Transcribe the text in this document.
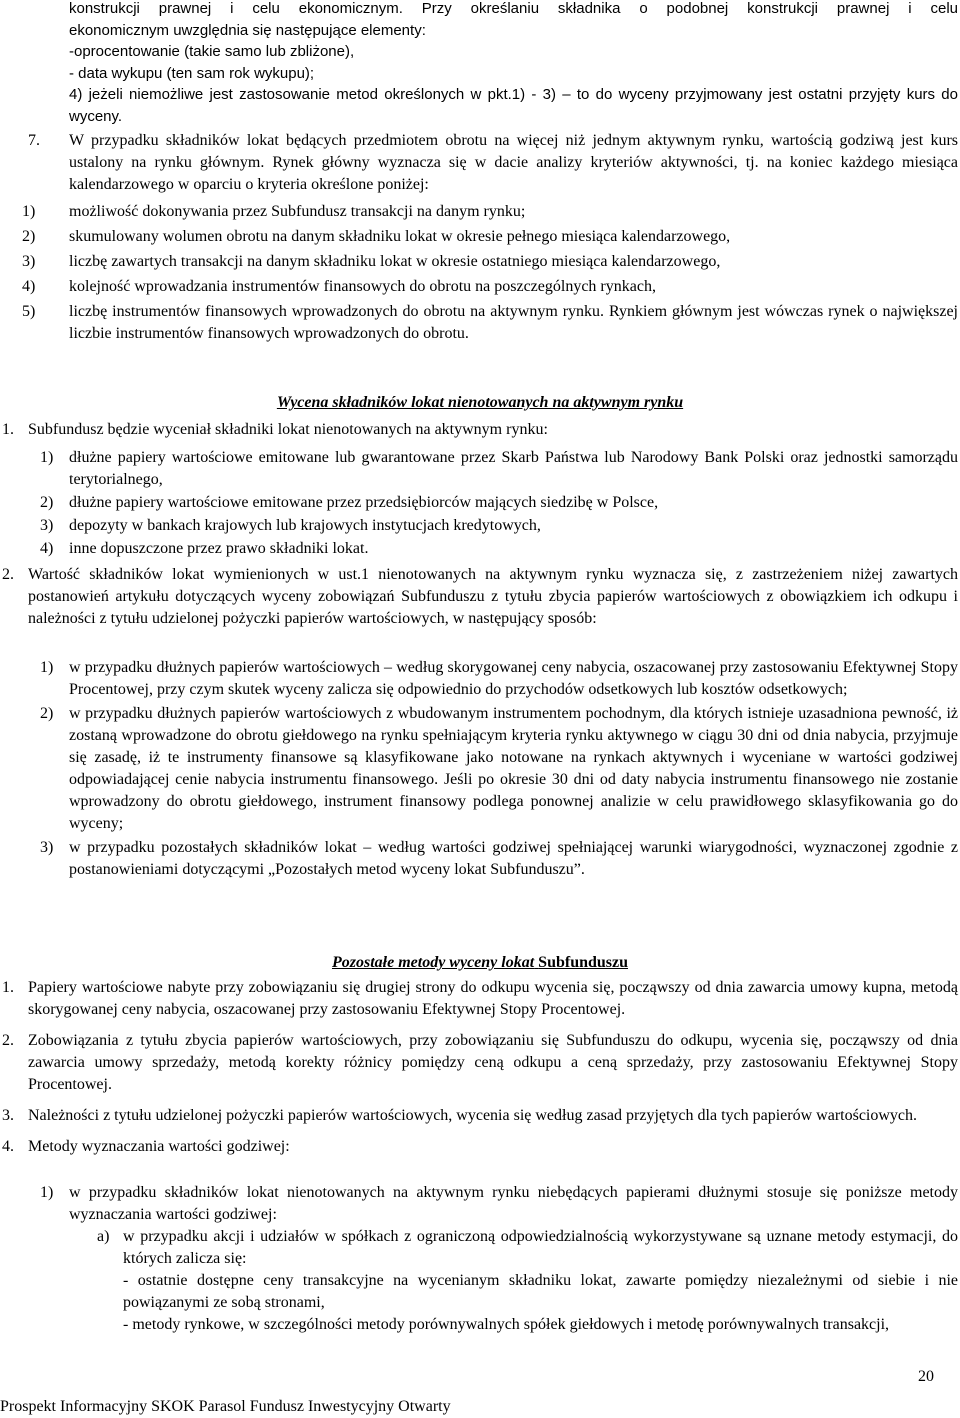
konstrukcji prawnej i celu ekonomicznym. Przy określaniu składnika o podobnej konstrukcji prawnej i celu
ekonomicznym uwzględnia się następujące elementy:
-oprocentowanie (takie samo lub zbliżone),
- data wykupu (ten sam rok wykupu);
4) jeżeli niemożliwe jest zastosowanie metod określonych w pkt.1) - 3) – to do wyceny przyjmowany jest ostatni przyjęty kurs do wyceny.
7.	W przypadku składników lokat będących przedmiotem obrotu na więcej niż jednym aktywnym rynku, wartością godziwą jest kurs ustalony na rynku głównym. Rynek główny wyznacza się w dacie analizy kryteriów aktywności, tj. na koniec każdego miesiąca kalendarzowego w oparciu o kryteria określone poniżej:
1)	możliwość dokonywania przez Subfundusz transakcji na danym rynku;
2)	skumulowany wolumen obrotu na danym składniku lokat w okresie pełnego miesiąca kalendarzowego,
3)	liczbę zawartych transakcji na danym składniku lokat w okresie ostatniego miesiąca kalendarzowego,
4)	kolejność wprowadzania instrumentów finansowych do obrotu na poszczególnych rynkach,
5)	liczbę instrumentów finansowych wprowadzonych do obrotu na aktywnym rynku. Rynkiem głównym jest wówczas rynek o największej liczbie instrumentów finansowych wprowadzonych do obrotu.
Wycena składników lokat nienotowanych na aktywnym rynku
1. Subfundusz będzie wyceniał składniki lokat nienotowanych na aktywnym rynku:
1) dłużne papiery wartościowe emitowane lub gwarantowane przez Skarb Państwa lub Narodowy Bank Polski oraz jednostki samorządu terytorialnego,
2) dłużne papiery wartościowe emitowane przez przedsiębiorców mających siedzibę w Polsce,
3) depozyty w bankach krajowych lub krajowych instytucjach kredytowych,
4) inne dopuszczone przez prawo składniki lokat.
2. Wartość składników lokat wymienionych w ust.1 nienotowanych na aktywnym rynku wyznacza się, z zastrzeżeniem niżej zawartych postanowień artykułu dotyczących wyceny zobowiązań Subfunduszu z tytułu zbycia papierów wartościowych z obowiązkiem ich odkupu i należności z tytułu udzielonej pożyczki papierów wartościowych, w następujący sposób:
1) w przypadku dłużnych papierów wartościowych – według skorygowanej ceny nabycia, oszacowanej przy zastosowaniu Efektywnej Stopy Procentowej, przy czym skutek wyceny zalicza się odpowiednio do przychodów odsetkowych lub kosztów odsetkowych;
2) w przypadku dłużnych papierów wartościowych z wbudowanym instrumentem pochodnym, dla których istnieje uzasadniona pewność, iż zostaną wprowadzone do obrotu giełdowego na rynku spełniającym kryteria rynku aktywnego w ciągu 30 dni od dnia nabycia, przyjmuje się zasadę, iż te instrumenty finansowe są klasyfikowane jako notowane na rynkach aktywnych i wyceniane w wartości godziwej odpowiadającej cenie nabycia instrumentu finansowego. Jeśli po okresie 30 dni od daty nabycia instrumentu finansowego nie zostanie wprowadzony do obrotu giełdowego, instrument finansowy podlega ponownej analizie w celu prawidłowego sklasyfikowania go do wyceny;
3) w przypadku pozostałych składników lokat – według wartości godziwej spełniającej warunki wiarygodności, wyznaczonej zgodnie z postanowieniami dotyczącymi „Pozostałych metod wyceny lokat Subfunduszu”.
Pozostałe metody wyceny lokat Subfunduszu
1. Papiery wartościowe nabyte przy zobowiązaniu się drugiej strony do odkupu wycenia się, począwszy od dnia zawarcia umowy kupna, metodą skorygowanej ceny nabycia, oszacowanej przy zastosowaniu Efektywnej Stopy Procentowej.
2. Zobowiązania z tytułu zbycia papierów wartościowych, przy zobowiązaniu się Subfunduszu do odkupu, wycenia się, począwszy od dnia zawarcia umowy sprzedaży, metodą korekty różnicy pomiędzy ceną odkupu a ceną sprzedaży, przy zastosowaniu Efektywnej Stopy Procentowej.
3. Należności z tytułu udzielonej pożyczki papierów wartościowych, wycenia się według zasad przyjętych dla tych papierów wartościowych.
4. Metody wyznaczania wartości godziwej:
1) w przypadku składników lokat nienotowanych na aktywnym rynku niebędących papierami dłużnymi stosuje się poniższe metody wyznaczania wartości godziwej:
a) w przypadku akcji i udziałów w spółkach z ograniczoną odpowiedzialnością wykorzystywane są uznane metody estymacji, do których zalicza się:

- ostatnie dostępne ceny transakcyjne na wycenianym składniku lokat, zawarte pomiędzy niezależnymi od siebie i nie powiązanymi ze sobą stronami,

- metody rynkowe, w szczególności metody porównywalnych spółek giełdowych i metodę porównywalnych transakcji,

20
Prospekt Informacyjny SKOK Parasol Fundusz Inwestycyjny Otwarty
